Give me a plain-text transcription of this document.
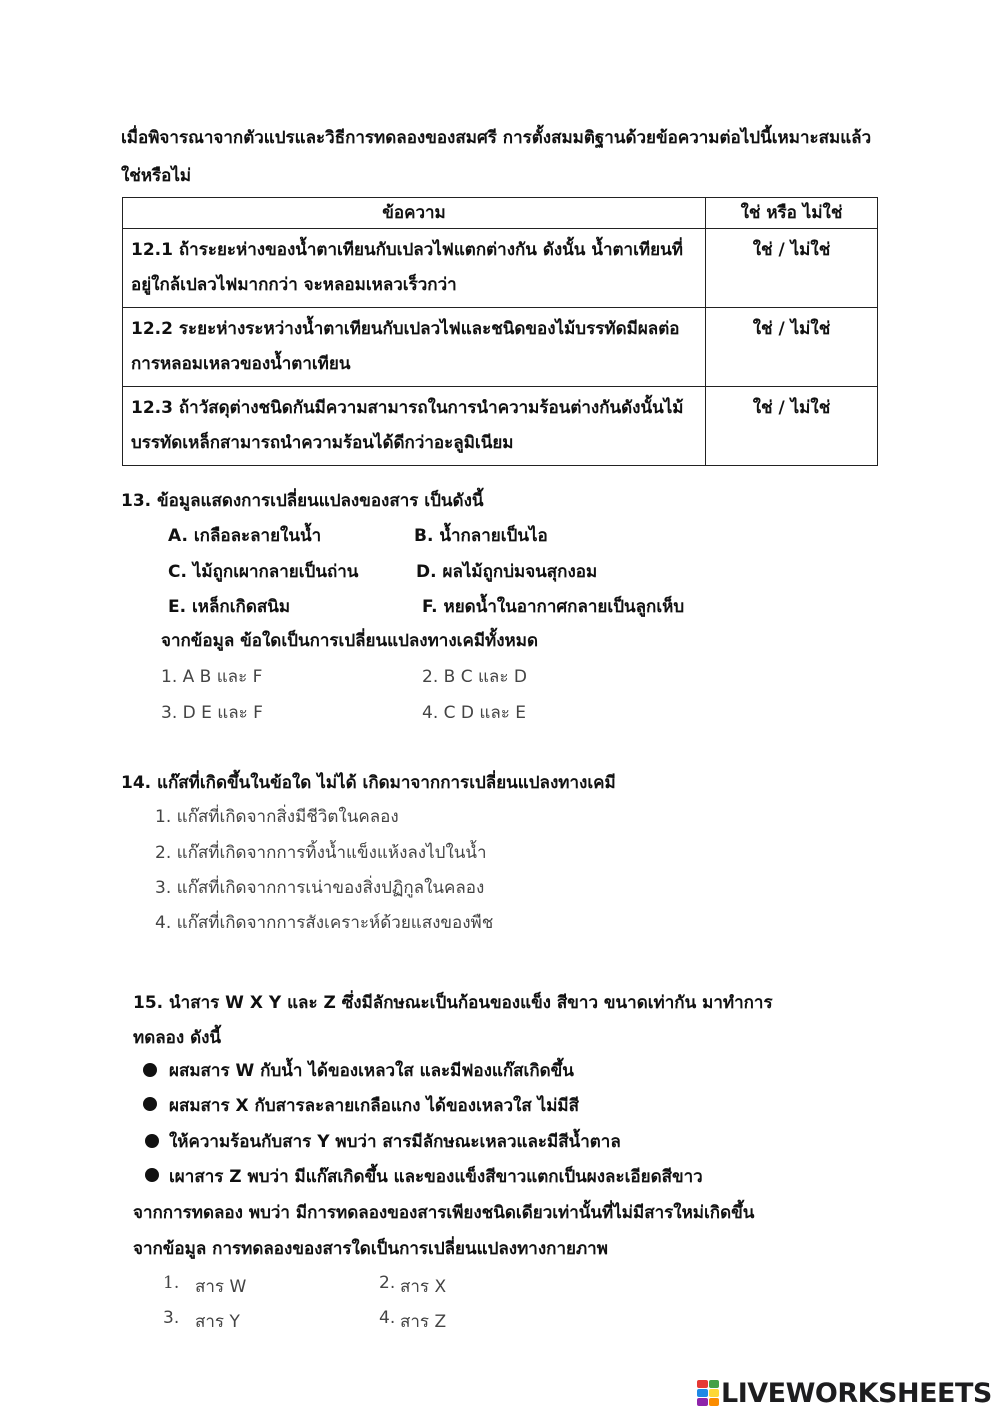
เมื่อพิจารณาจากตัวแปรและวิธีการทดลองของสมศรี การตั้งสมมติฐานด้วยข้อความต่อไปนี้เหมาะสมแล้ว
ใช่หรือไม่
ข้อความ	ใช่ หรือ ไม่ใช่

12.1 ถ้าระยะห่างของน้ำตาเทียนกับเปลวไฟแตกต่างกัน ดังนั้น น้ำตาเทียนที่
อยู่ใกล้เปลวไฟมากกว่า จะหลอมเหลวเร็วกว่า	ใช่ / ไม่ใช่

12.2 ระยะห่างระหว่างน้ำตาเทียนกับเปลวไฟและชนิดของไม้บรรทัดมีผลต่อ
การหลอมเหลวของน้ำตาเทียน	ใช่ / ไม่ใช่

12.3 ถ้าวัสดุต่างชนิดกันมีความสามารถในการนำความร้อนต่างกันดังนั้นไม้
บรรทัดเหล็กสามารถนำความร้อนได้ดีกว่าอะลูมิเนียม	ใช่ / ไม่ใช่
13. ข้อมูลแสดงการเปลี่ยนแปลงของสาร เป็นดังนี้
A. เกลือละลายในน้ำ	B. น้ำกลายเป็นไอ
C. ไม้ถูกเผากลายเป็นถ่าน	D. ผลไม้ถูกบ่มจนสุกงอม
E. เหล็กเกิดสนิม	F. หยดน้ำในอากาศกลายเป็นลูกเห็บ
จากข้อมูล ข้อใดเป็นการเปลี่ยนแปลงทางเคมีทั้งหมด
1. A B และ F	2. B C และ D
3. D E และ F	4. C D และ E
14. แก๊สที่เกิดขึ้นในข้อใด ไม่ได้ เกิดมาจากการเปลี่ยนแปลงทางเคมี
1. แก๊สที่เกิดจากสิ่งมีชีวิตในคลอง
2. แก๊สที่เกิดจากการทิ้งน้ำแข็งแห้งลงไปในน้ำ
3. แก๊สที่เกิดจากการเน่าของสิ่งปฏิกูลในคลอง
4. แก๊สที่เกิดจากการสังเคราะห์ด้วยแสงของพืช
15. นำสาร W X Y และ Z ซึ่งมีลักษณะเป็นก้อนของแข็ง สีขาว ขนาดเท่ากัน มาทำการ
ทดลอง ดังนี้
ผสมสาร W กับน้ำ ได้ของเหลวใส และมีฟองแก๊สเกิดขึ้น
ผสมสาร X กับสารละลายเกลือแกง ได้ของเหลวใส ไม่มีสี
ให้ความร้อนกับสาร Y พบว่า สารมีลักษณะเหลวและมีสีน้ำตาล
เผาสาร Z พบว่า มีแก๊สเกิดขึ้น และของแข็งสีขาวแตกเป็นผงละเอียดสีขาว
จากการทดลอง พบว่า มีการทดลองของสารเพียงชนิดเดียวเท่านั้นที่ไม่มีสารใหม่เกิดขึ้น
จากข้อมูล การทดลองของสารใดเป็นการเปลี่ยนแปลงทางกายภาพ
1. สาร W	2. สาร X
3. สาร Y	4. สาร Z
LIVEWORKSHEETS
